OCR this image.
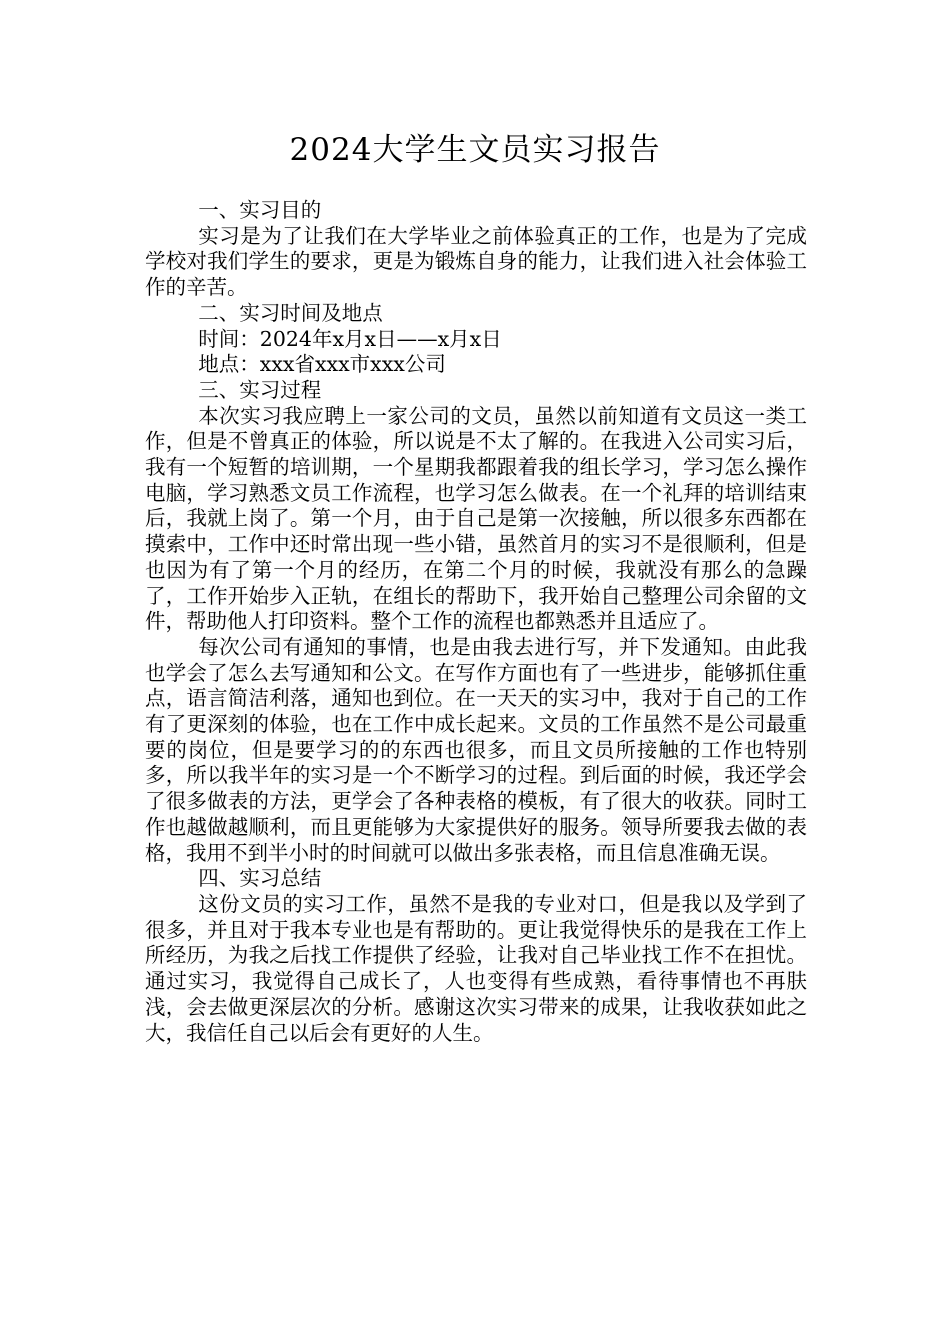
2024大学生文员实习报告

一、实习目的

实习是为了让我们在大学毕业之前体验真正的工作，也是为了完成学校对我们学生的要求，更是为锻炼自身的能力，让我们进入社会体验工作的辛苦。

二、实习时间及地点

时间：2024年x月x日——x月x日

地点：xxx省xxx市xxx公司

三、实习过程

本次实习我应聘上一家公司的文员，虽然以前知道有文员这一类工作，但是不曾真正的体验，所以说是不太了解的。在我进入公司实习后，我有一个短暂的培训期，一个星期我都跟着我的组长学习，学习怎么操作电脑，学习熟悉文员工作流程，也学习怎么做表。在一个礼拜的培训结束后，我就上岗了。第一个月，由于自己是第一次接触，所以很多东西都在摸索中，工作中还时常出现一些小错，虽然首月的实习不是很顺利，但是也因为有了第一个月的经历，在第二个月的时候，我就没有那么的急躁了，工作开始步入正轨，在组长的帮助下，我开始自己整理公司余留的文件，帮助他人打印资料。整个工作的流程也都熟悉并且适应了。

每次公司有通知的事情，也是由我去进行写，并下发通知。由此我也学会了怎么去写通知和公文。在写作方面也有了一些进步，能够抓住重点，语言简洁利落，通知也到位。在一天天的实习中，我对于自己的工作有了更深刻的体验，也在工作中成长起来。文员的工作虽然不是公司最重要的岗位，但是要学习的的东西也很多，而且文员所接触的工作也特别多，所以我半年的实习是一个不断学习的过程。到后面的时候，我还学会了很多做表的方法，更学会了各种表格的模板，有了很大的收获。同时工作也越做越顺利，而且更能够为大家提供好的服务。领导所要我去做的表格，我用不到半小时的时间就可以做出多张表格，而且信息准确无误。

四、实习总结

这份文员的实习工作，虽然不是我的专业对口，但是我以及学到了很多，并且对于我本专业也是有帮助的。更让我觉得快乐的是我在工作上所经历，为我之后找工作提供了经验，让我对自己毕业找工作不在担忧。通过实习，我觉得自己成长了，人也变得有些成熟，看待事情也不再肤浅，会去做更深层次的分析。感谢这次实习带来的成果，让我收获如此之大，我信任自己以后会有更好的人生。
